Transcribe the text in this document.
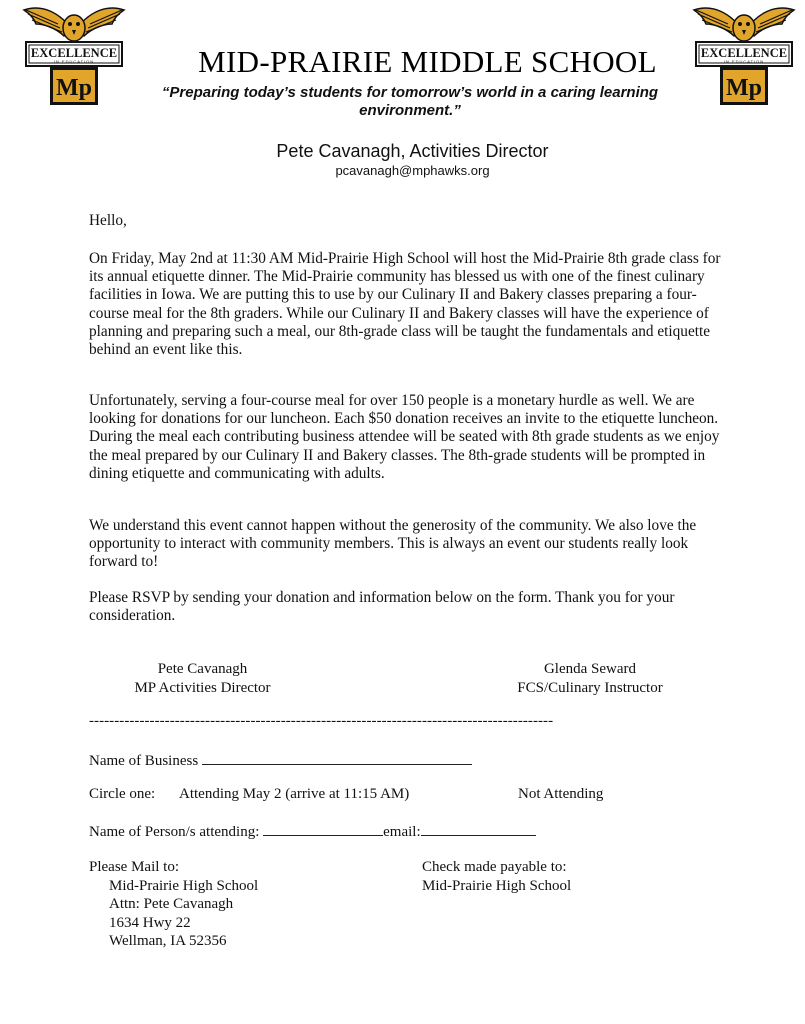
EXCELLENCE
IN EDUCATION
Mp
EXCELLENCE
IN EDUCATION
Mp
MID-PRAIRIE MIDDLE SCHOOL
“Preparing today’s students for tomorrow’s world in a caring learning
environment.”
Pete Cavanagh, Activities Director
pcavanagh@mphawks.org

Hello,

On Friday, May 2nd at 11:30 AM Mid-Prairie High School will host the Mid-Prairie 8th grade class for its annual etiquette dinner. The Mid-Prairie community has blessed us with one of the finest culinary facilities in Iowa. We are putting this to use by our Culinary II and Bakery classes preparing a four-course meal for the 8th graders. While our Culinary II and Bakery classes will have the experience of planning and preparing such a meal, our 8th-grade class will be taught the fundamentals and etiquette behind an event like this.

Unfortunately, serving a four-course meal for over 150 people is a monetary hurdle as well. We are looking for donations for our luncheon. Each $50 donation receives an invite to the etiquette luncheon. During the meal each contributing business attendee will be seated with 8th grade students as we enjoy the meal prepared by our Culinary II and Bakery classes. The 8th-grade students will be prompted in dining etiquette and communicating with adults.

We understand this event cannot happen without the generosity of the community. We also love the opportunity to interact with community members. This is always an event our students really look forward to!

Please RSVP by sending your donation and information below on the form. Thank you for your consideration.

Pete Cavanagh
MP Activities Director
Glenda Seward
FCS/Culinary Instructor
--------------------------------------------------------------------------------------------
Name of Business
Circle one: Attending May 2 (arrive at 11:15 AM)	Not Attending
Name of Person/s attending:	email:
Please Mail to:
Mid-Prairie High School
Attn: Pete Cavanagh
1634 Hwy 22
Wellman, IA 52356
Check made payable to:
Mid-Prairie High School
